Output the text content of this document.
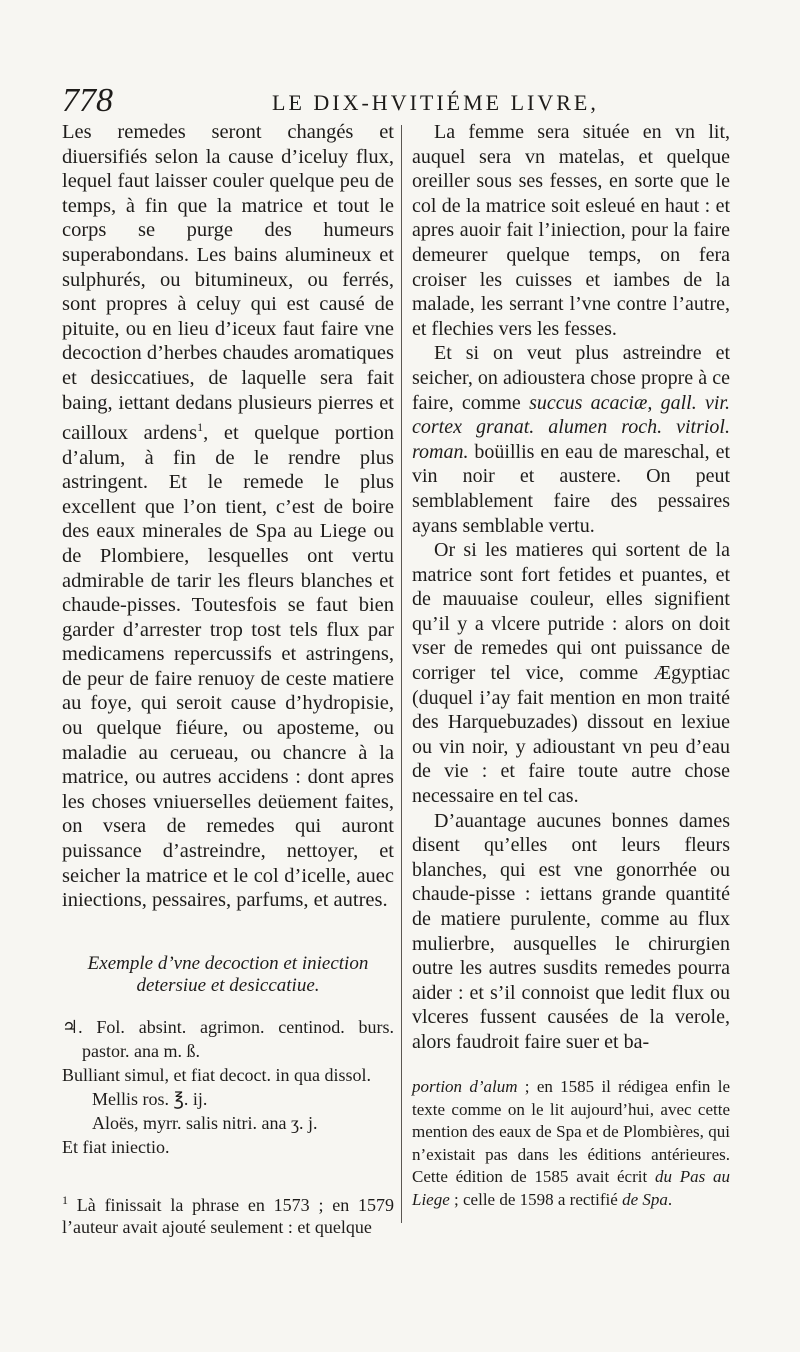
778	LE DIX-HVITIÉME LIVRE,

Les remedes seront changés et diuersifiés selon la cause d’iceluy flux, lequel faut laisser couler quelque peu de temps, à fin que la matrice et tout le corps se purge des humeurs superabondans. Les bains alumineux et sulphurés, ou bitumineux, ou ferrés, sont propres à celuy qui est causé de pituite, ou en lieu d’iceux faut faire vne decoction d’herbes chaudes aromatiques et desiccatiues, de laquelle sera fait baing, iettant dedans plusieurs pierres et cailloux ardens$^1$, et quelque portion d’alum, à fin de le rendre plus astringent. Et le remede le plus excellent que l’on tient, c’est de boire des eaux minerales de Spa au Liege ou de Plombiere, lesquelles ont vertu admirable de tarir les fleurs blanches et chaude-pisses. Toutesfois se faut bien garder d’arrester trop tost tels flux par medicamens repercussifs et astringens, de peur de faire renuoy de ceste matiere au foye, qui seroit cause d’hydropisie, ou quelque fiéure, ou aposteme, ou maladie au cerueau, ou chancre à la matrice, ou autres accidens : dont apres les choses vniuerselles deüement faites, on vsera de remedes qui auront puissance d’astreindre, nettoyer, et seicher la matrice et le col d’icelle, auec iniections, pessaires, parfums, et autres.

Exemple d’vne decoction et iniection detersiue et desiccatiue.

♃. Fol. absint. agrimon. centinod. burs. pastor. ana m. ß.

Bulliant simul, et fiat decoct. in qua dissol.

Mellis ros. ℥. ij.

Aloës, myrr. salis nitri. ana ʒ. j.

Et fiat iniectio.

$^1$ Là finissait la phrase en 1573 ; en 1579 l’auteur avait ajouté seulement : et quelque

La femme sera située en vn lit, auquel sera vn matelas, et quelque oreiller sous ses fesses, en sorte que le col de la matrice soit esleué en haut : et apres auoir fait l’iniection, pour la faire demeurer quelque temps, on fera croiser les cuisses et iambes de la malade, les serrant l’vne contre l’autre, et flechies vers les fesses.

Et si on veut plus astreindre et seicher, on adioustera chose propre à ce faire, comme succus acaciæ, gall. vir. cortex granat. alumen roch. vitriol. roman. boüillis en eau de mareschal, et vin noir et austere. On peut semblablement faire des pessaires ayans semblable vertu.

Or si les matieres qui sortent de la matrice sont fort fetides et puantes, et de mauuaise couleur, elles signifient qu’il y a vlcere putride : alors on doit vser de remedes qui ont puissance de corriger tel vice, comme Ægyptiac (duquel i’ay fait mention en mon traité des Harquebuzades) dissout en lexiue ou vin noir, y adioustant vn peu d’eau de vie : et faire toute autre chose necessaire en tel cas.

D’auantage aucunes bonnes dames disent qu’elles ont leurs fleurs blanches, qui est vne gonorrhée ou chaude-pisse : iettans grande quantité de matiere purulente, comme au flux mulierbre, ausquelles le chirurgien outre les autres susdits remedes pourra aider : et s’il connoist que ledit flux ou vlceres fussent causées de la verole, alors faudroit faire suer et ba-

portion d’alum ; en 1585 il rédigea enfin le texte comme on le lit aujourd’hui, avec cette mention des eaux de Spa et de Plombières, qui n’existait pas dans les éditions antérieures. Cette édition de 1585 avait écrit du Pas au Liege ; celle de 1598 a rectifié de Spa.
